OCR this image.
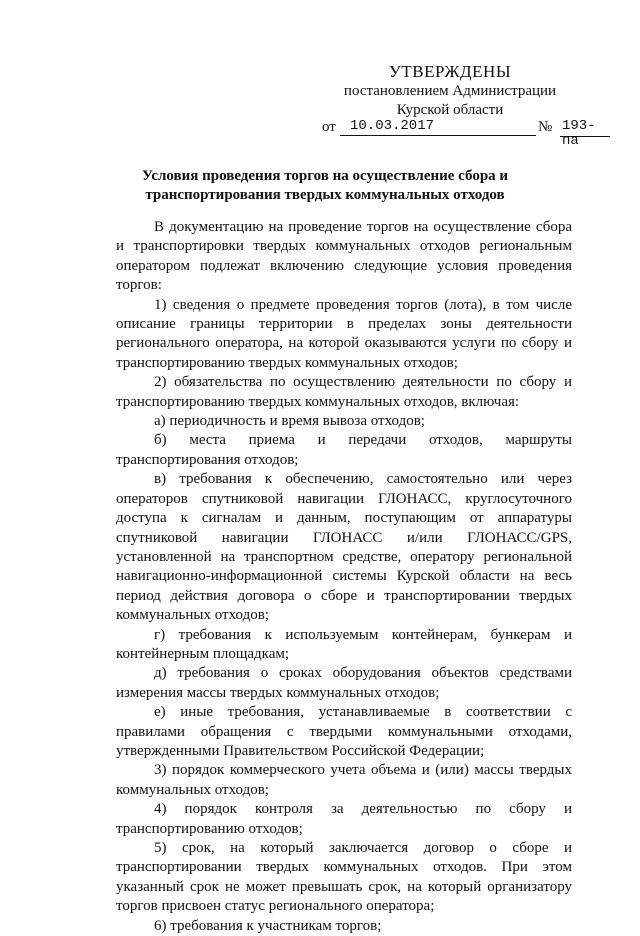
УТВЕРЖДЕНЫ
постановлением Администрации
Курской области
от	10.03.2017	№ 193-па
Условия проведения торгов на осуществление сбора и
транспортирования твердых коммунальных отходов

В документацию на проведение торгов на осуществление сбора и транспортировки твердых коммунальных отходов региональным оператором подлежат включению следующие условия проведения торгов:

1) сведения о предмете проведения торгов (лота), в том числе описание границы территории в пределах зоны деятельности регионального оператора, на которой оказываются услуги по сбору и транспортированию твердых коммунальных отходов;

2) обязательства по осуществлению деятельности по сбору и транспортированию твердых коммунальных отходов, включая:

а) периодичность и время вывоза отходов;

б) места приема и передачи отходов, маршруты транспортирования отходов;

в) требования к обеспечению, самостоятельно или через операторов спутниковой навигации ГЛОНАСС, круглосуточного доступа к сигналам и данным, поступающим от аппаратуры спутниковой навигации ГЛОНАСС и/или ГЛОНАСС/GPS, установленной на транспортном средстве, оператору региональной навигационно-информационной системы Курской области на весь период действия договора о сборе и транспортировании твердых коммунальных отходов;

г) требования к используемым контейнерам, бункерам и контейнерным площадкам;

д) требования о сроках оборудования объектов средствами измерения массы твердых коммунальных отходов;

е) иные требования, устанавливаемые в соответствии с правилами обращения с твердыми коммунальными отходами, утвержденными Правительством Российской Федерации;

3) порядок коммерческого учета объема и (или) массы твердых коммунальных отходов;

4) порядок контроля за деятельностью по сбору и транспортированию отходов;

5) срок, на который заключается договор о сборе и транспортировании твердых коммунальных отходов. При этом указанный срок не может превышать срок, на который организатору торгов присвоен статус регионального оператора;

6) требования к участникам торгов;
